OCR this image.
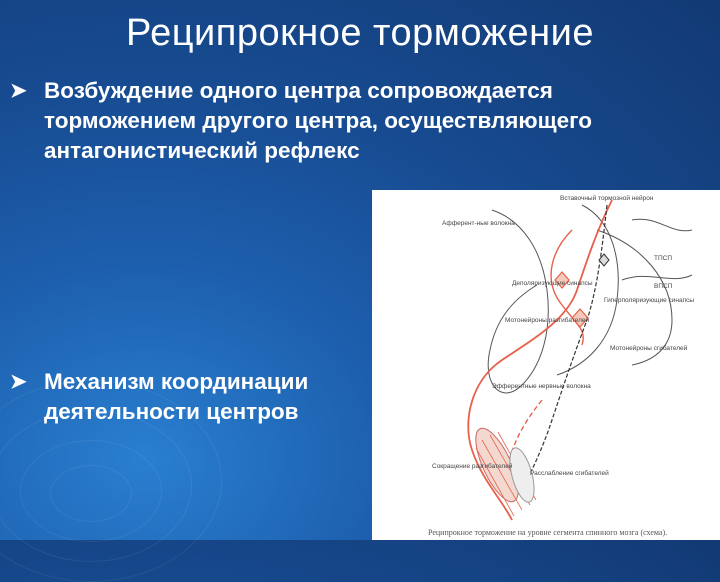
Реципрокное торможение
➤ Возбуждение одного центра сопровождается торможением другого центра, осуществляющего антагонистический рефлекс
➤ Механизм координации деятельности центров
Вставочный тормозной нейрон
Афферент-ные волокна
ТПСП
ВПСП
Деполяризующие синапсы
Гиперполяризующие синапсы
Мотонейроны разгибателей
Мотонейроны сгибателей
Эфферентные нервные волокна
Сокращение разгибателей
Расслабление сгибателей
Реципрокное торможение на уровне сегмента спинного мозга (схема).
